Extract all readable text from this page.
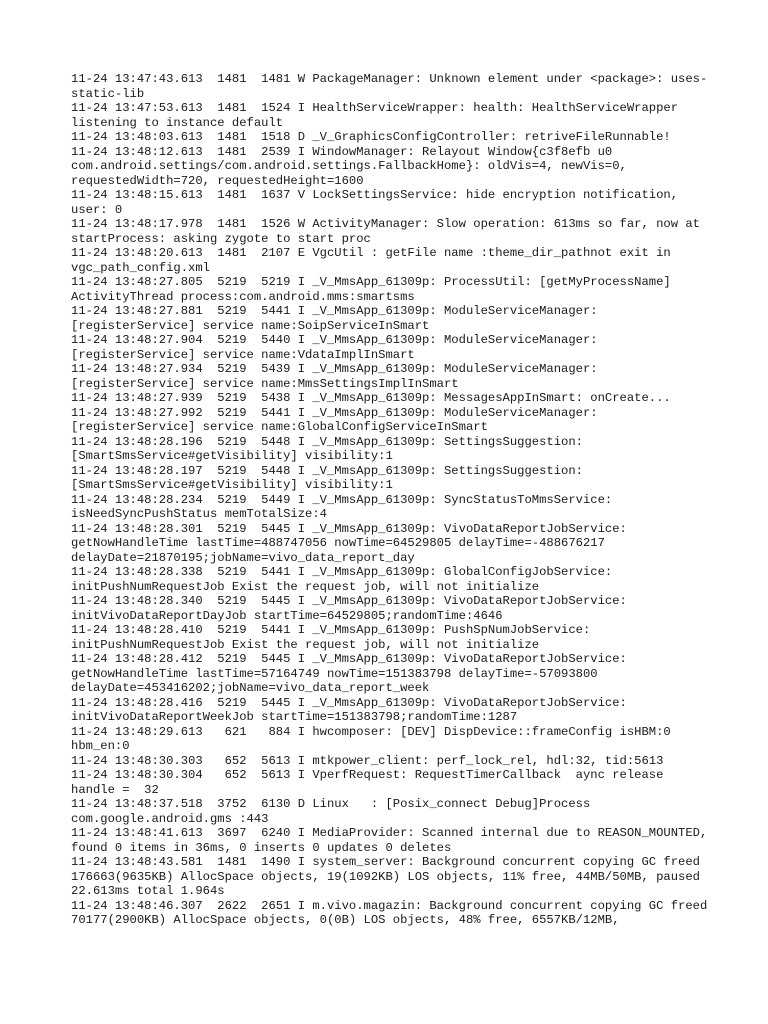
11-24 13:47:43.613  1481  1481 W PackageManager: Unknown element under <package>: uses-static-lib

11-24 13:47:53.613  1481  1524 I HealthServiceWrapper: health: HealthServiceWrapper listening to instance default

11-24 13:48:03.613  1481  1518 D _V_GraphicsConfigController: retriveFileRunnable!

11-24 13:48:12.613  1481  2539 I WindowManager: Relayout Window{c3f8efb u0 com.android.settings/com.android.settings.FallbackHome}: oldVis=4, newVis=0, requestedWidth=720, requestedHeight=1600

11-24 13:48:15.613  1481  1637 V LockSettingsService: hide encryption notification, user: 0

11-24 13:48:17.978  1481  1526 W ActivityManager: Slow operation: 613ms so far, now at startProcess: asking zygote to start proc

11-24 13:48:20.613  1481  2107 E VgcUtil : getFile name :theme_dir_pathnot exit in vgc_path_config.xml

11-24 13:48:27.805  5219  5219 I _V_MmsApp_61309p: ProcessUtil: [getMyProcessName] ActivityThread process:com.android.mms:smartsms

11-24 13:48:27.881  5219  5441 I _V_MmsApp_61309p: ModuleServiceManager: [registerService] service name:SoipServiceInSmart

11-24 13:48:27.904  5219  5440 I _V_MmsApp_61309p: ModuleServiceManager: [registerService] service name:VdataImplInSmart

11-24 13:48:27.934  5219  5439 I _V_MmsApp_61309p: ModuleServiceManager: [registerService] service name:MmsSettingsImplInSmart

11-24 13:48:27.939  5219  5438 I _V_MmsApp_61309p: MessagesAppInSmart: onCreate...

11-24 13:48:27.992  5219  5441 I _V_MmsApp_61309p: ModuleServiceManager: [registerService] service name:GlobalConfigServiceInSmart

11-24 13:48:28.196  5219  5448 I _V_MmsApp_61309p: SettingsSuggestion: [SmartSmsService#getVisibility] visibility:1

11-24 13:48:28.197  5219  5448 I _V_MmsApp_61309p: SettingsSuggestion: [SmartSmsService#getVisibility] visibility:1

11-24 13:48:28.234  5219  5449 I _V_MmsApp_61309p: SyncStatusToMmsService: isNeedSyncPushStatus memTotalSize:4

11-24 13:48:28.301  5219  5445 I _V_MmsApp_61309p: VivoDataReportJobService: getNowHandleTime lastTime=488747056 nowTime=64529805 delayTime=-488676217 delayDate=21870195;jobName=vivo_data_report_day

11-24 13:48:28.338  5219  5441 I _V_MmsApp_61309p: GlobalConfigJobService: initPushNumRequestJob Exist the request job, will not initialize

11-24 13:48:28.340  5219  5445 I _V_MmsApp_61309p: VivoDataReportJobService: initVivoDataReportDayJob startTime=64529805;randomTime:4646

11-24 13:48:28.410  5219  5441 I _V_MmsApp_61309p: PushSpNumJobService: initPushNumRequestJob Exist the request job, will not initialize

11-24 13:48:28.412  5219  5445 I _V_MmsApp_61309p: VivoDataReportJobService: getNowHandleTime lastTime=57164749 nowTime=151383798 delayTime=-57093800 delayDate=453416202;jobName=vivo_data_report_week

11-24 13:48:28.416  5219  5445 I _V_MmsApp_61309p: VivoDataReportJobService: initVivoDataReportWeekJob startTime=151383798;randomTime:1287

11-24 13:48:29.613   621   884 I hwcomposer: [DEV] DispDevice::frameConfig isHBM:0 hbm_en:0

11-24 13:48:30.303   652  5613 I mtkpower_client: perf_lock_rel, hdl:32, tid:5613

11-24 13:48:30.304   652  5613 I VperfRequest: RequestTimerCallback  aync release handle =  32

11-24 13:48:37.518  3752  6130 D Linux   : [Posix_connect Debug]Process com.google.android.gms :443

11-24 13:48:41.613  3697  6240 I MediaProvider: Scanned internal due to REASON_MOUNTED, found 0 items in 36ms, 0 inserts 0 updates 0 deletes

11-24 13:48:43.581  1481  1490 I system_server: Background concurrent copying GC freed 176663(9635KB) AllocSpace objects, 19(1092KB) LOS objects, 11% free, 44MB/50MB, paused 22.613ms total 1.964s

11-24 13:48:46.307  2622  2651 I m.vivo.magazin: Background concurrent copying GC freed 70177(2900KB) AllocSpace objects, 0(0B) LOS objects, 48% free, 6557KB/12MB,
